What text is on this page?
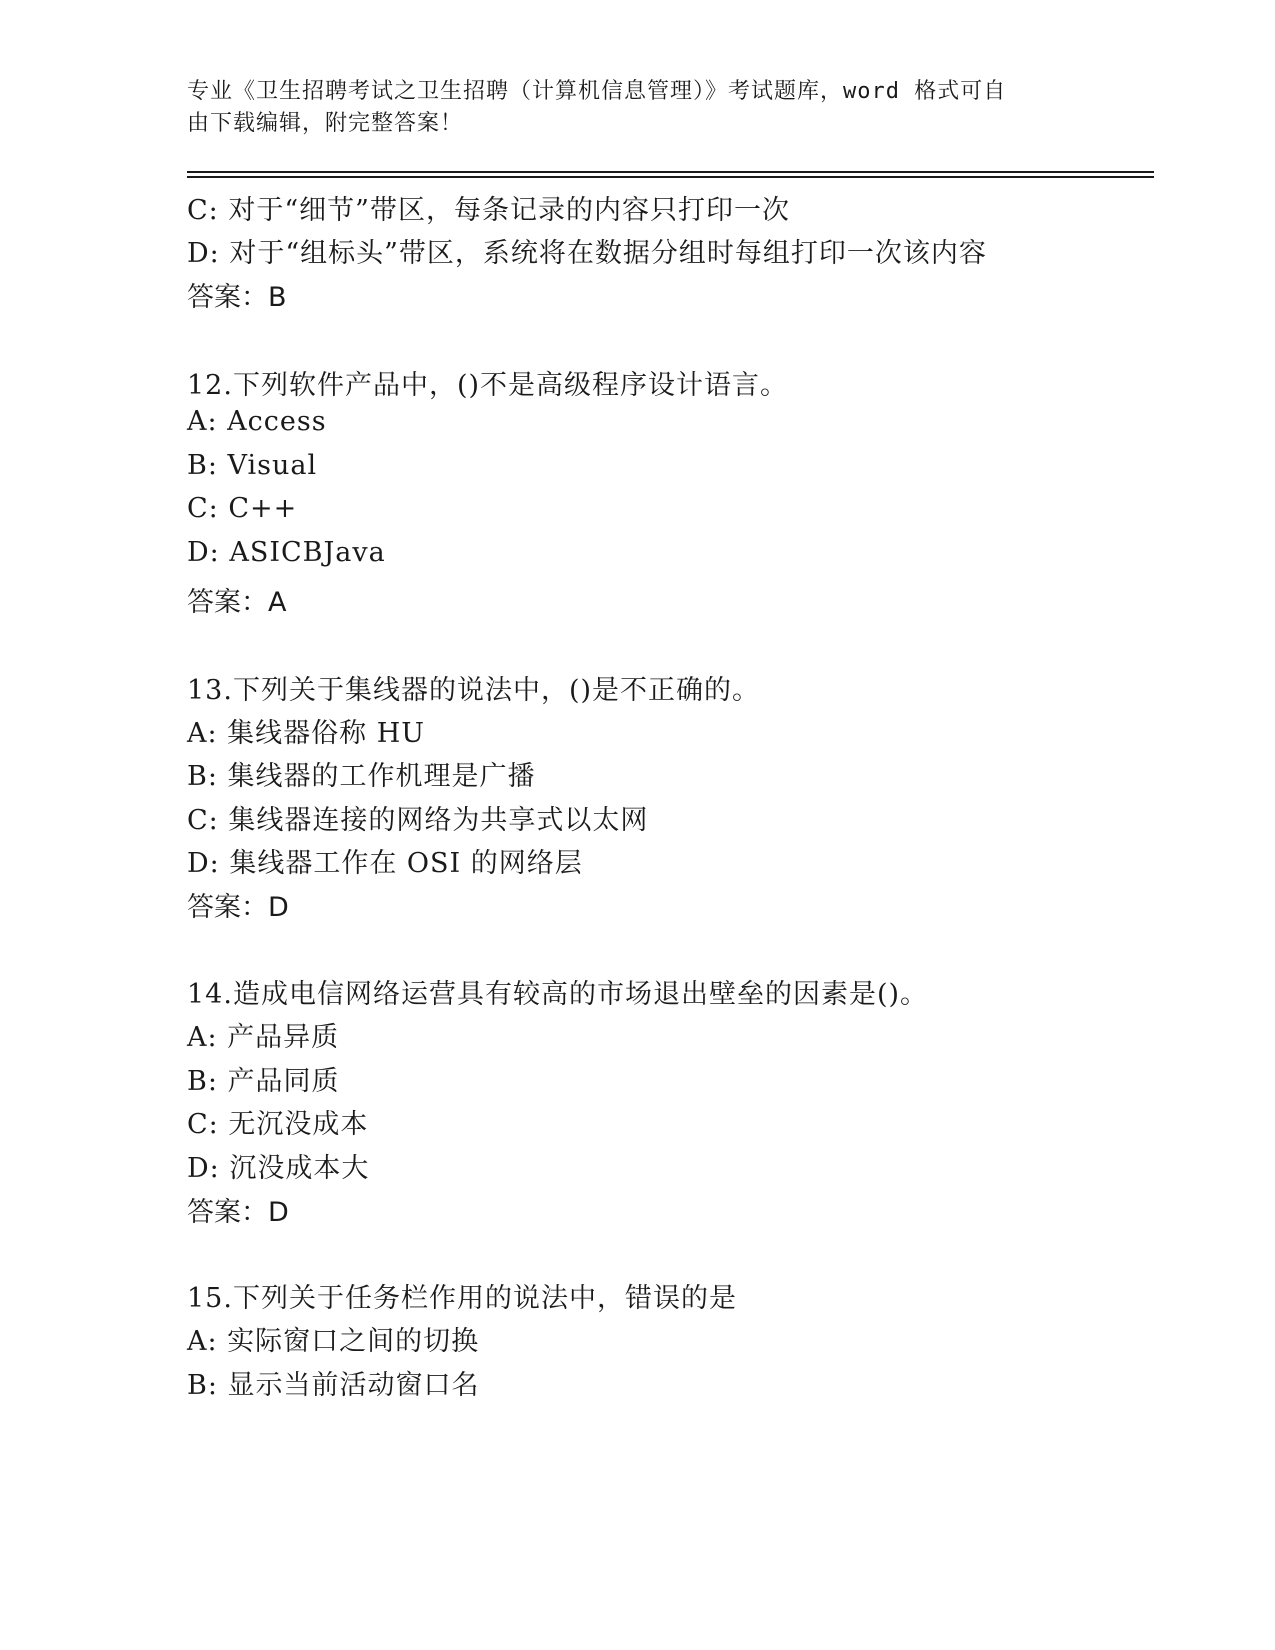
专业《卫生招聘考试之卫生招聘（计算机信息管理）》考试题库，word 格式可自
由下载编辑，附完整答案！
C: 对于“细节”带区，每条记录的内容只打印一次
D: 对于“组标头”带区，系统将在数据分组时每组打印一次该内容
答案：B
12.下列软件产品中，()不是高级程序设计语言。
A: Access
B: Visual
C: C++
D: ASICBJava
答案：A
13.下列关于集线器的说法中，()是不正确的。
A: 集线器俗称 HU
B: 集线器的工作机理是广播
C: 集线器连接的网络为共享式以太网
D: 集线器工作在 OSI 的网络层
答案：D
14.造成电信网络运营具有较高的市场退出壁垒的因素是()。
A: 产品异质
B: 产品同质
C: 无沉没成本
D: 沉没成本大
答案：D
15.下列关于任务栏作用的说法中，错误的是
A: 实际窗口之间的切换
B: 显示当前活动窗口名
